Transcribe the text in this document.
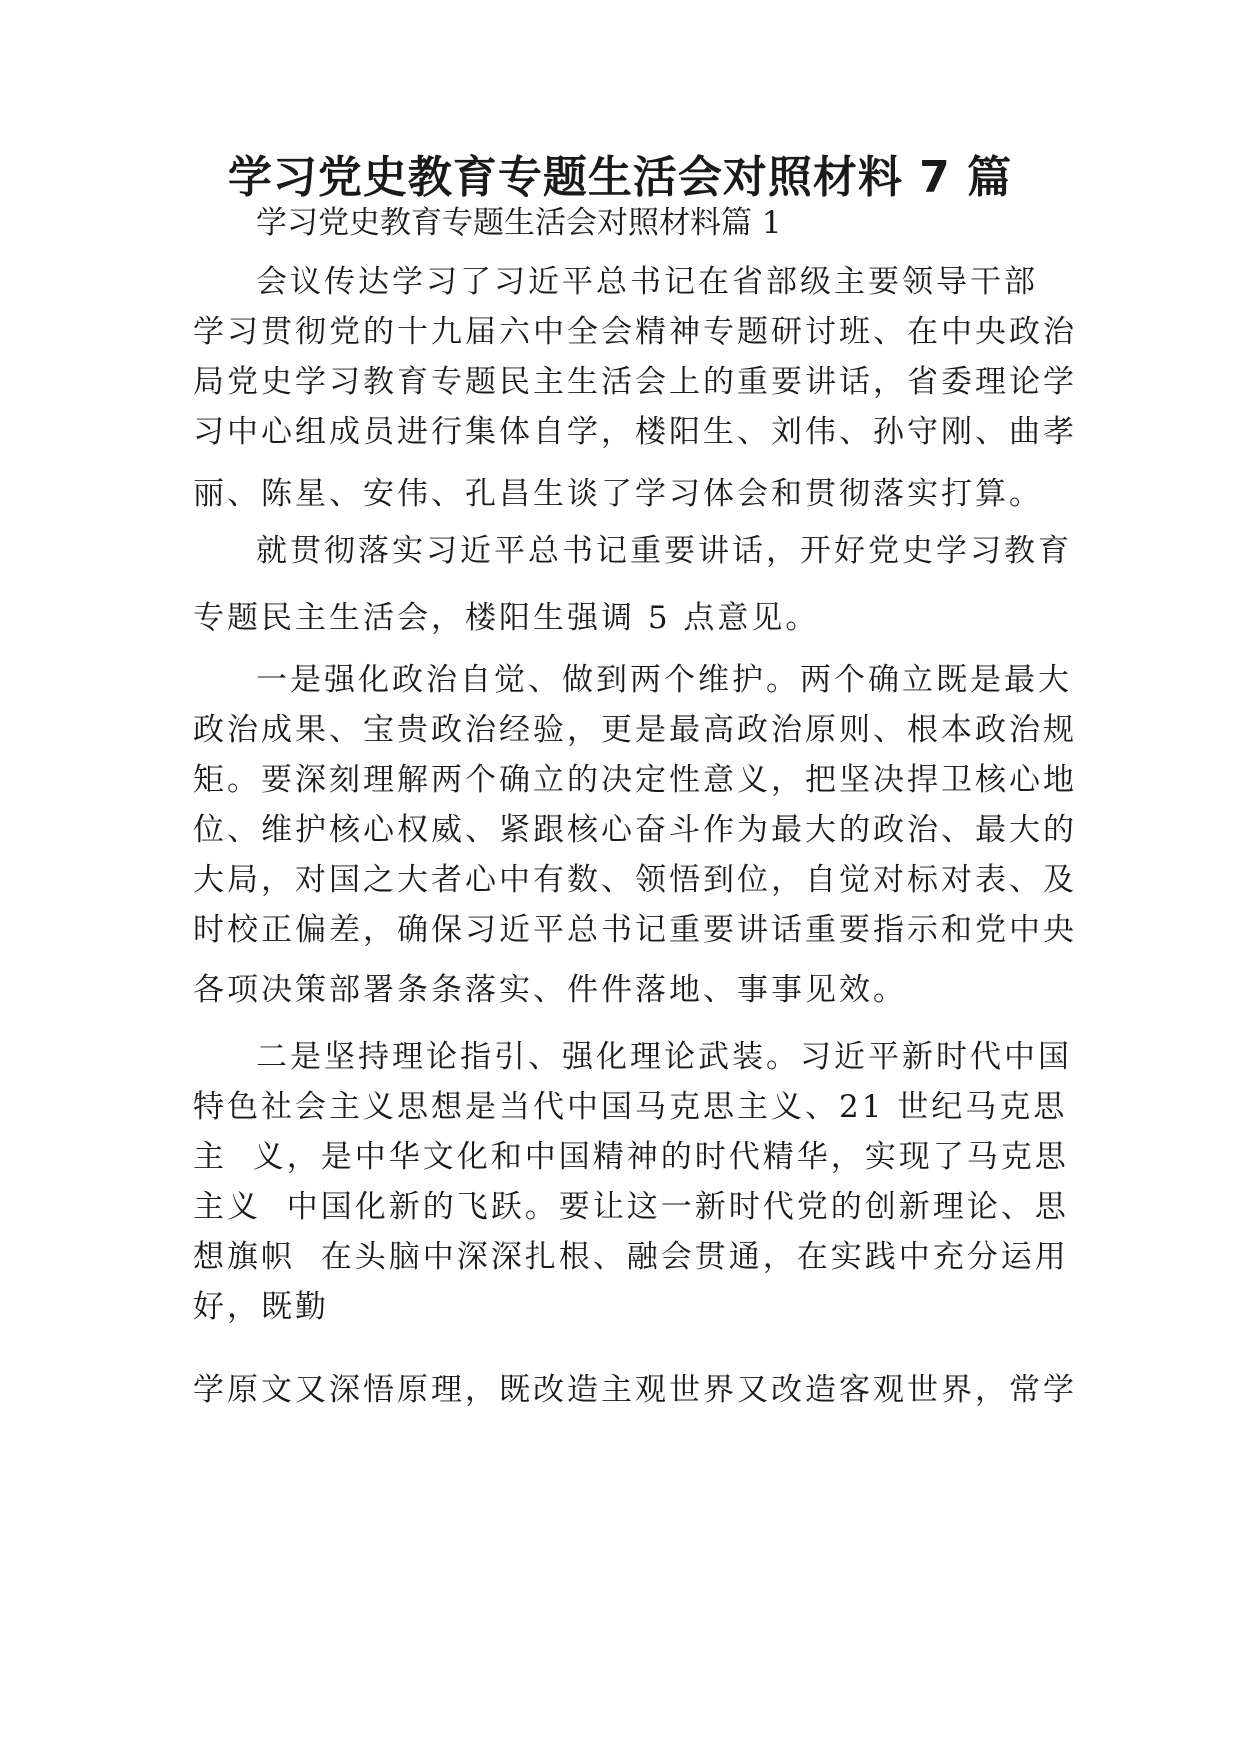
学习党史教育专题生活会对照材料 7 篇

学习党史教育专题生活会对照材料篇 1

会议传达学习了习近平总书记在省部级主要领导干部

学习贯彻党的十九届六中全会精神专题研讨班、在中央政治

局党史学习教育专题民主生活会上的重要讲话，省委理论学

习中心组成员进行集体自学，楼阳生、刘伟、孙守刚、曲孝

丽、陈星、安伟、孔昌生谈了学习体会和贯彻落实打算。

就贯彻落实习近平总书记重要讲话，开好党史学习教育

专题民主生活会，楼阳生强调 5 点意见。

一是强化政治自觉、做到两个维护。两个确立既是最大

政治成果、宝贵政治经验，更是最高政治原则、根本政治规

矩。要深刻理解两个确立的决定性意义，把坚决捍卫核心地

位、维护核心权威、紧跟核心奋斗作为最大的政治、最大的

大局，对国之大者心中有数、领悟到位，自觉对标对表、及

时校正偏差，确保习近平总书记重要讲话重要指示和党中央

各项决策部署条条落实、件件落地、事事见效。

二是坚持理论指引、强化理论武装。习近平新时代中国

特色社会主义思想是当代中国马克思主义、21 世纪马克思

主  义，是中华文化和中国精神的时代精华，实现了马克思

主义  中国化新的飞跃。要让这一新时代党的创新理论、思

想旗帜  在头脑中深深扎根、融会贯通，在实践中充分运用

好，既勤

学原文又深悟原理，既改造主观世界又改造客观世界，常学
